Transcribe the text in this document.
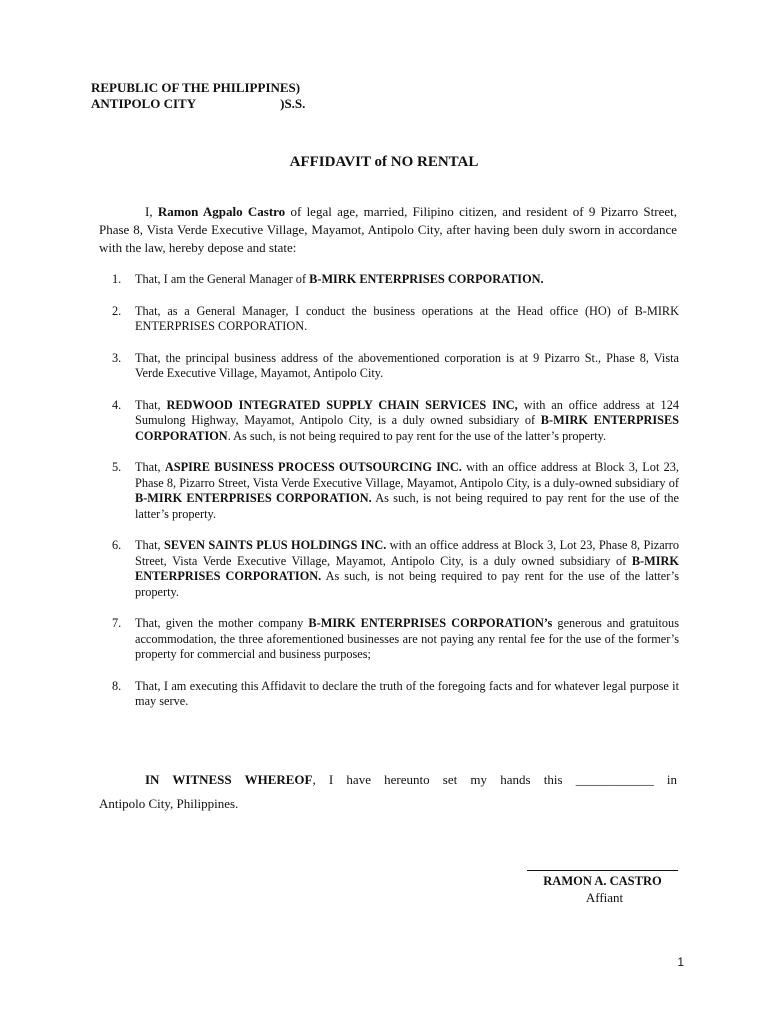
REPUBLIC OF THE PHILIPPINES)
ANTIPOLO CITY	)S.S.
AFFIDAVIT of NO RENTAL
I, Ramon Agpalo Castro of legal age, married, Filipino citizen, and resident of 9 Pizarro Street, Phase 8, Vista Verde Executive Village, Mayamot, Antipolo City, after having been duly sworn in accordance with the law, hereby depose and state:
1.	That, I am the General Manager of B-MIRK ENTERPRISES CORPORATION.
2.	That, as a General Manager, I conduct the business operations at the Head office (HO) of B-MIRK ENTERPRISES CORPORATION.
3.	That, the principal business address of the abovementioned corporation is at 9 Pizarro St., Phase 8, Vista Verde Executive Village, Mayamot, Antipolo City.
4.	That, REDWOOD INTEGRATED SUPPLY CHAIN SERVICES INC, with an office address at 124 Sumulong Highway, Mayamot, Antipolo City, is a duly owned subsidiary of B-MIRK ENTERPRISES CORPORATION. As such, is not being required to pay rent for the use of the latter’s property.
5.	That, ASPIRE BUSINESS PROCESS OUTSOURCING INC. with an office address at Block 3, Lot 23, Phase 8, Pizarro Street, Vista Verde Executive Village, Mayamot, Antipolo City, is a duly-owned subsidiary of B-MIRK ENTERPRISES CORPORATION. As such, is not being required to pay rent for the use of the latter’s property.
6.	That, SEVEN SAINTS PLUS HOLDINGS INC. with an office address at Block 3, Lot 23, Phase 8, Pizarro Street, Vista Verde Executive Village, Mayamot, Antipolo City, is a duly owned subsidiary of B-MIRK ENTERPRISES CORPORATION. As such, is not being required to pay rent for the use of the latter’s property.
7.	That, given the mother company B-MIRK ENTERPRISES CORPORATION’s generous and gratuitous accommodation, the three aforementioned businesses are not paying any rental fee for the use of the former’s property for commercial and business purposes;
8.	That, I am executing this Affidavit to declare the truth of the foregoing facts and for whatever legal purpose it may serve.

IN WITNESS WHEREOF, I have hereunto set my hands this ____________ in

Antipolo City, Philippines.

RAMON A. CASTRO
Affiant
1
